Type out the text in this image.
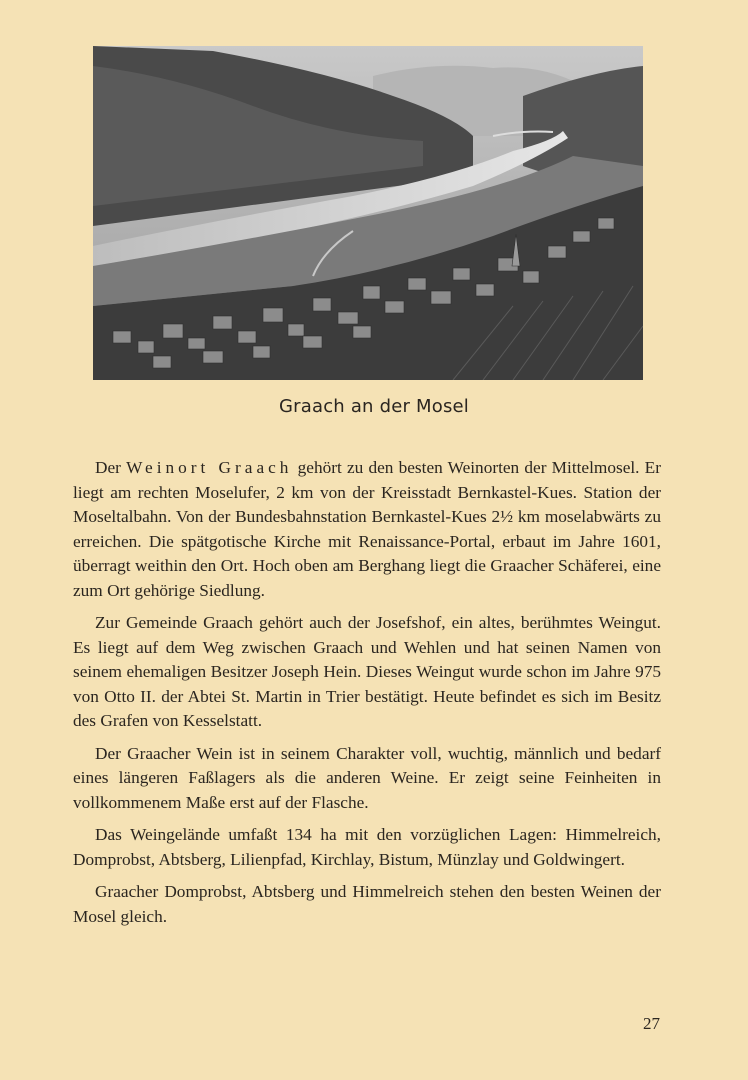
Graach an der Mosel

Der Weinort Graach gehört zu den besten Weinorten der Mittelmosel. Er liegt am rechten Moselufer, 2 km von der Kreisstadt Bernkastel-Kues. Station der Moseltalbahn. Von der Bundesbahnstation Bernkastel-Kues 2½ km moselabwärts zu erreichen. Die spätgotische Kirche mit Renaissance-Portal, erbaut im Jahre 1601, überragt weithin den Ort. Hoch oben am Berghang liegt die Graacher Schäferei, eine zum Ort gehörige Siedlung.

Zur Gemeinde Graach gehört auch der Josefshof, ein altes, berühmtes Weingut. Es liegt auf dem Weg zwischen Graach und Wehlen und hat seinen Namen von seinem ehemaligen Besitzer Joseph Hein. Dieses Weingut wurde schon im Jahre 975 von Otto II. der Abtei St. Martin in Trier bestätigt. Heute befindet es sich im Besitz des Grafen von Kesselstatt.

Der Graacher Wein ist in seinem Charakter voll, wuchtig, männlich und bedarf eines längeren Faßlagers als die anderen Weine. Er zeigt seine Feinheiten in vollkommenem Maße erst auf der Flasche.

Das Weingelände umfaßt 134 ha mit den vorzüglichen Lagen: Himmelreich, Domprobst, Abtsberg, Lilienpfad, Kirchlay, Bistum, Münzlay und Goldwingert.

Graacher Domprobst, Abtsberg und Himmelreich stehen den besten Weinen der Mosel gleich.

27
